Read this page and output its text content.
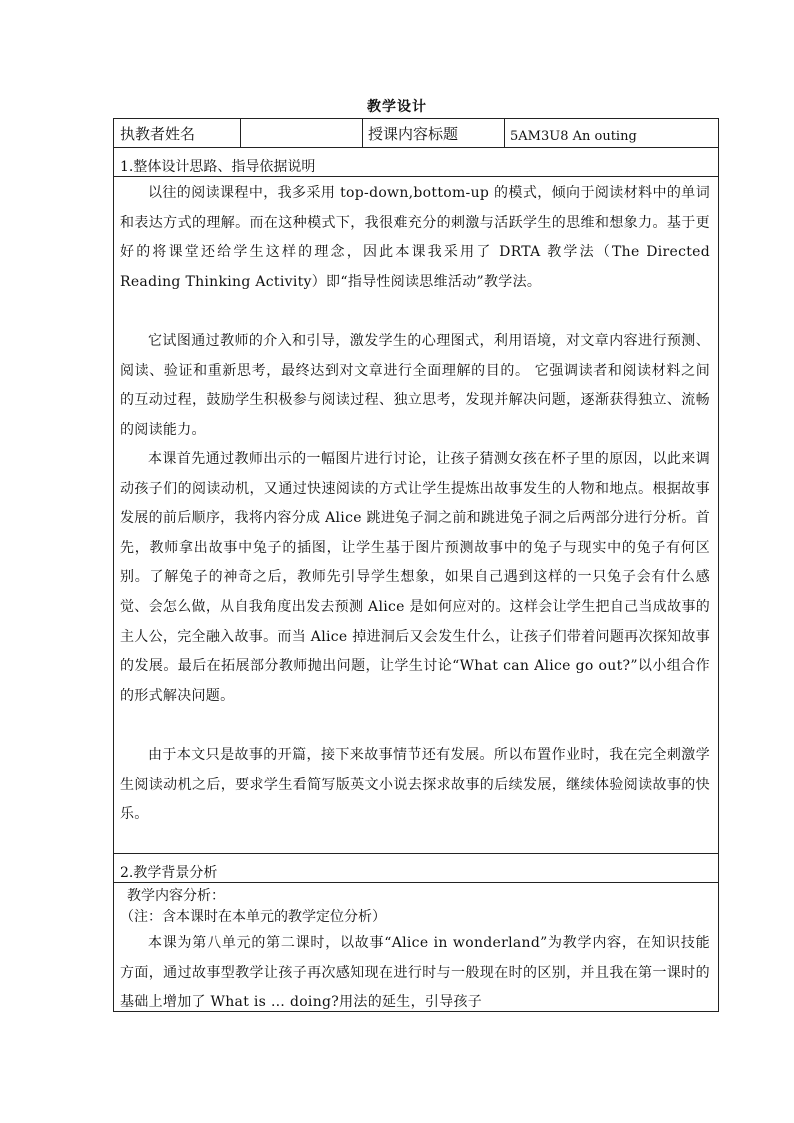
教学设计
执教者姓名	授课内容标题	5AM3U8 An outing
1.整体设计思路、指导依据说明

以往的阅读课程中，我多采用 top-down,bottom-up 的模式，倾向于阅读材料中的单词和表达方式的理解。而在这种模式下，我很难充分的刺激与活跃学生的思维和想象力。基于更好的将课堂还给学生这样的理念，因此本课我采用了 DRTA 教学法（The Directed Reading Thinking Activity）即“指导性阅读思维活动”教学法。

它试图通过教师的介入和引导，激发学生的心理图式，利用语境，对文章内容进行预测、阅读、验证和重新思考，最终达到对文章进行全面理解的目的。 它强调读者和阅读材料之间的互动过程，鼓励学生积极参与阅读过程、独立思考，发现并解决问题，逐渐获得独立、流畅的阅读能力。

本课首先通过教师出示的一幅图片进行讨论，让孩子猜测女孩在杯子里的原因，以此来调动孩子们的阅读动机，又通过快速阅读的方式让学生提炼出故事发生的人物和地点。根据故事发展的前后顺序，我将内容分成 Alice 跳进兔子洞之前和跳进兔子洞之后两部分进行分析。首先，教师拿出故事中兔子的插图，让学生基于图片预测故事中的兔子与现实中的兔子有何区别。了解兔子的神奇之后，教师先引导学生想象，如果自己遇到这样的一只兔子会有什么感觉、会怎么做，从自我角度出发去预测 Alice 是如何应对的。这样会让学生把自己当成故事的主人公，完全融入故事。而当 Alice 掉进洞后又会发生什么，让孩子们带着问题再次探知故事的发展。最后在拓展部分教师抛出问题，让学生讨论“What can Alice go out?”以小组合作的形式解决问题。

由于本文只是故事的开篇，接下来故事情节还有发展。所以布置作业时，我在完全刺激学生阅读动机之后，要求学生看简写版英文小说去探求故事的后续发展，继续体验阅读故事的快乐。

2.教学背景分析
教学内容分析：
（注：含本课时在本单元的教学定位分析）

本课为第八单元的第二课时，以故事“Alice in wonderland”为教学内容，在知识技能方面，通过故事型教学让孩子再次感知现在进行时与一般现在时的区别，并且我在第一课时的基础上增加了 What is … doing?用法的延生，引导孩子
